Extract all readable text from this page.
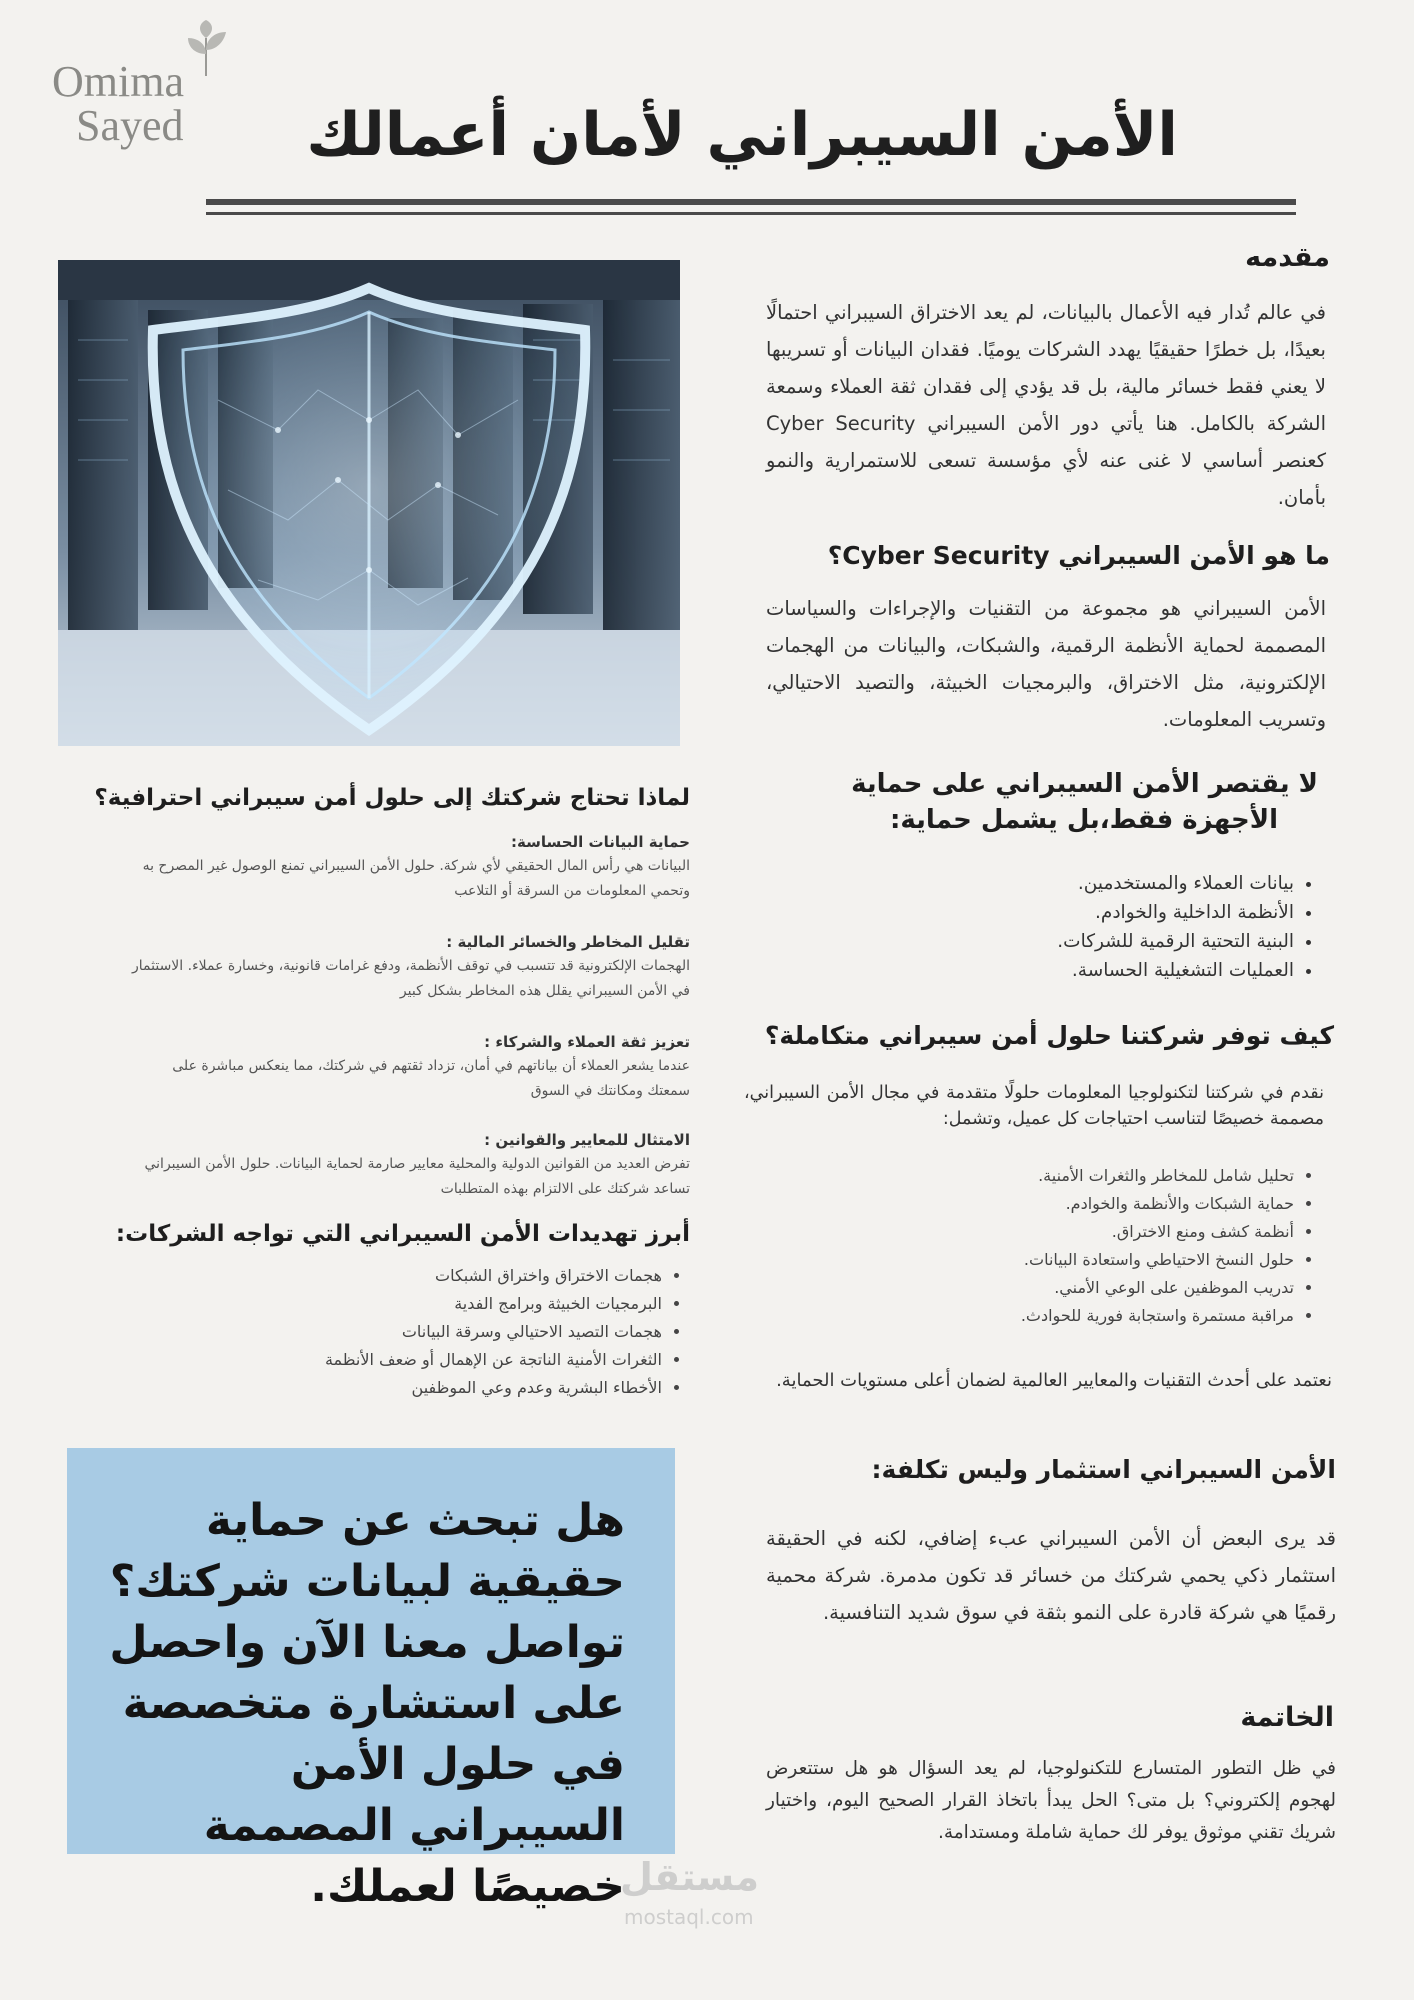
Omima
Sayed	الأمن السيبراني لأمان أعمالك
مقدمه

في عالم تُدار فيه الأعمال بالبيانات، لم يعد الاختراق السيبراني احتمالًا بعيدًا، بل خطرًا حقيقيًا يهدد الشركات يوميًا. فقدان البيانات أو تسريبها لا يعني فقط خسائر مالية، بل قد يؤدي إلى فقدان ثقة العملاء وسمعة الشركة بالكامل. هنا يأتي دور الأمن السيبراني Cyber Security كعنصر أساسي لا غنى عنه لأي مؤسسة تسعى للاستمرارية والنمو بأمان.

ما هو الأمن السيبراني Cyber Security؟

الأمن السيبراني هو مجموعة من التقنيات والإجراءات والسياسات المصممة لحماية الأنظمة الرقمية، والشبكات، والبيانات من الهجمات الإلكترونية، مثل الاختراق، والبرمجيات الخبيثة، والتصيد الاحتيالي، وتسريب المعلومات.

لا يقتصر الأمن السيبراني على حماية
الأجهزة فقط،بل يشمل حماية:
• بيانات العملاء والمستخدمين.
• الأنظمة الداخلية والخوادم.
• البنية التحتية الرقمية للشركات.
• العمليات التشغيلية الحساسة.
كيف توفر شركتنا حلول أمن سيبراني متكاملة؟

نقدم في شركتنا لتكنولوجيا المعلومات حلولًا متقدمة في مجال الأمن السيبراني، مصممة خصيصًا لتناسب احتياجات كل عميل، وتشمل:

• تحليل شامل للمخاطر والثغرات الأمنية.
• حماية الشبكات والأنظمة والخوادم.
• أنظمة كشف ومنع الاختراق.
• حلول النسخ الاحتياطي واستعادة البيانات.
• تدريب الموظفين على الوعي الأمني.
• مراقبة مستمرة واستجابة فورية للحوادث.

نعتمد على أحدث التقنيات والمعايير العالمية لضمان أعلى مستويات الحماية.

الأمن السيبراني استثمار وليس تكلفة:

قد يرى البعض أن الأمن السيبراني عبء إضافي، لكنه في الحقيقة استثمار ذكي يحمي شركتك من خسائر قد تكون مدمرة. شركة محمية رقميًا هي شركة قادرة على النمو بثقة في سوق شديد التنافسية.

الخاتمة

في ظل التطور المتسارع للتكنولوجيا، لم يعد السؤال هو هل ستتعرض لهجوم إلكتروني؟ بل متى؟ الحل يبدأ باتخاذ القرار الصحيح اليوم، واختيار شريك تقني موثوق يوفر لك حماية شاملة ومستدامة.

لماذا تحتاج شركتك إلى حلول أمن سيبراني احترافية؟
حماية البيانات الحساسة:

البيانات هي رأس المال الحقيقي لأي شركة. حلول الأمن السيبراني تمنع الوصول غير المصرح به وتحمي المعلومات من السرقة أو التلاعب

تقليل المخاطر والخسائر المالية :

الهجمات الإلكترونية قد تتسبب في توقف الأنظمة، ودفع غرامات قانونية، وخسارة عملاء. الاستثمار في الأمن السيبراني يقلل هذه المخاطر بشكل كبير

تعزيز ثقة العملاء والشركاء :

عندما يشعر العملاء أن بياناتهم في أمان، تزداد ثقتهم في شركتك، مما ينعكس مباشرة على سمعتك ومكانتك في السوق

الامتثال للمعايير والقوانين :

تفرض العديد من القوانين الدولية والمحلية معايير صارمة لحماية البيانات. حلول الأمن السيبراني تساعد شركتك على الالتزام بهذه المتطلبات

أبرز تهديدات الأمن السيبراني التي تواجه الشركات:
• هجمات الاختراق واختراق الشبكات
• البرمجيات الخبيثة وبرامج الفدية
• هجمات التصيد الاحتيالي وسرقة البيانات
• الثغرات الأمنية الناتجة عن الإهمال أو ضعف الأنظمة
• الأخطاء البشرية وعدم وعي الموظفين

هل تبحث عن حماية حقيقية لبيانات شركتك؟ تواصل معنا الآن واحصل على استشارة متخصصة في حلول الأمن السيبراني المصممة خصيصًا لعملك.

مستقل
mostaql.com
